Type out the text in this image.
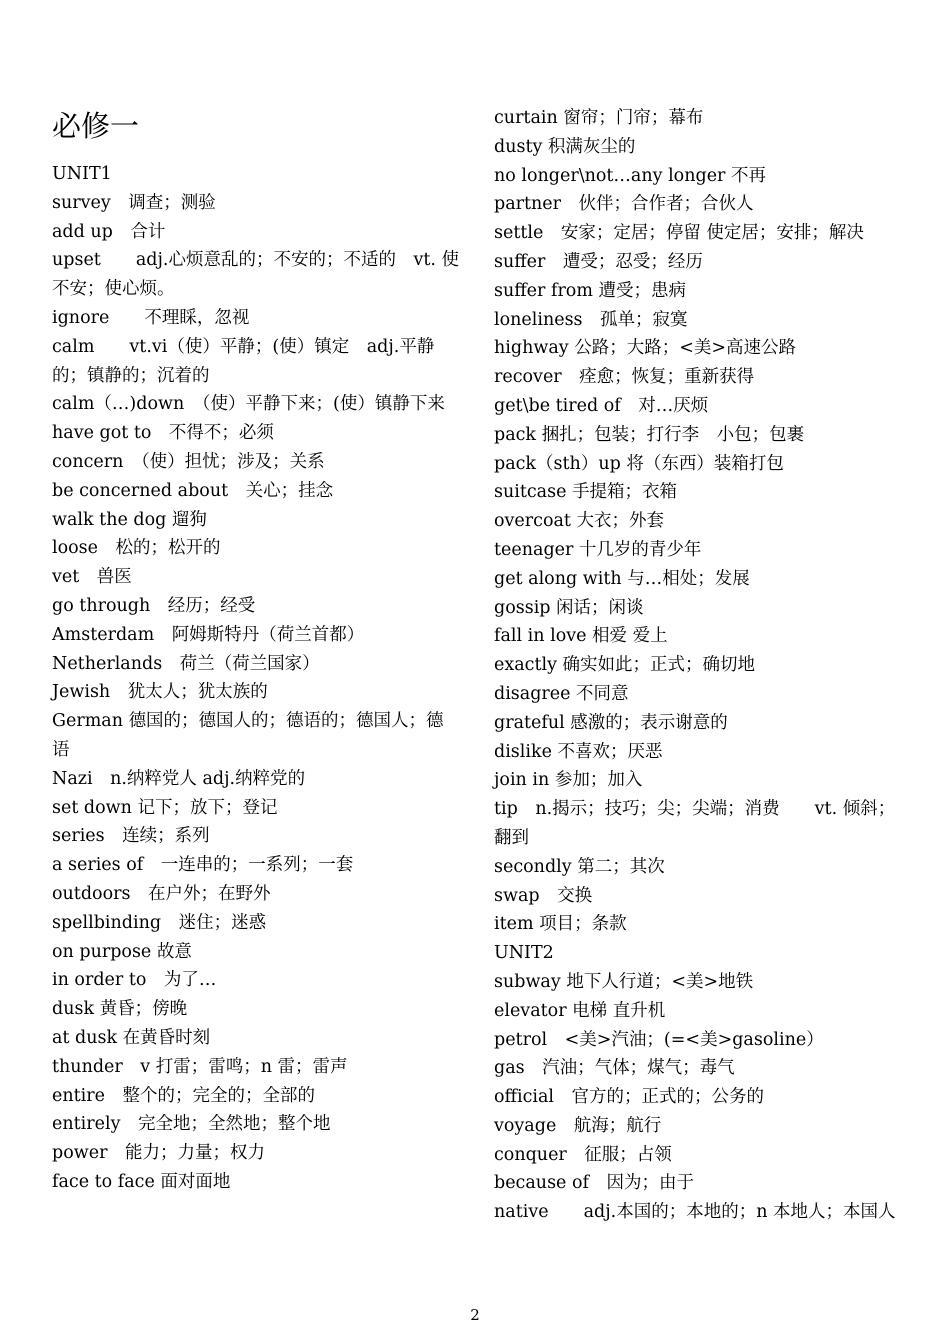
必修一
UNIT1
survey　调查；测验
add up　合计
upset　　adj.心烦意乱的；不安的；不适的　vt. 使不安；使心烦。
ignore　　不理睬，忽视
calm　　vt.vi（使）平静；(使）镇定　adj.平静的；镇静的；沉着的
calm（…)down　（使）平静下来；(使）镇静下来
have got to　不得不；必须
concern　（使）担忧；涉及；关系
be concerned about　关心；挂念
walk the dog 遛狗
loose　松的；松开的
vet　兽医
go through　经历；经受
Amsterdam　阿姆斯特丹（荷兰首都）
Netherlands　荷兰（荷兰国家）
Jewish　犹太人；犹太族的
German 德国的；德国人的；德语的；德国人；德语
Nazi　n.纳粹党人 adj.纳粹党的
set down 记下；放下；登记
series　连续；系列
a series of　一连串的；一系列；一套
outdoors　在户外；在野外
spellbinding　迷住；迷惑
on purpose 故意
in order to　为了…
dusk 黄昏；傍晚
at dusk 在黄昏时刻
thunder　v 打雷；雷鸣；n 雷；雷声
entire　整个的；完全的；全部的
entirely　完全地；全然地；整个地
power　能力；力量；权力
face to face 面对面地
curtain 窗帘；门帘；幕布
dusty 积满灰尘的
no longer\not…any longer 不再
partner　伙伴；合作者；合伙人
settle　安家；定居；停留 使定居；安排；解决
suffer　遭受；忍受；经历
suffer from 遭受；患病
loneliness　孤单；寂寞
highway 公路；大路；<美>高速公路
recover　痊愈；恢复；重新获得
get\be tired of　对…厌烦
pack 捆扎；包装；打行李　小包；包裹
pack（sth）up 将（东西）装箱打包
suitcase 手提箱；衣箱
overcoat 大衣；外套
teenager 十几岁的青少年
get along with 与…相处；发展
gossip 闲话；闲谈
fall in love 相爱 爱上
exactly 确实如此；正式；确切地
disagree 不同意
grateful 感激的；表示谢意的
dislike 不喜欢；厌恶
join in 参加；加入
tip　n.揭示；技巧；尖；尖端；消费　　vt. 倾斜；翻到
secondly 第二；其次
swap　交换
item 项目；条款
UNIT2
subway 地下人行道；<美>地铁
elevator 电梯 直升机
petrol　<美>汽油；(=<美>gasoline）
gas　汽油；气体；煤气；毒气
official　官方的；正式的；公务的
voyage　航海；航行
conquer　征服；占领
because of　因为；由于
native　　adj.本国的；本地的；n 本地人；本国人
2
